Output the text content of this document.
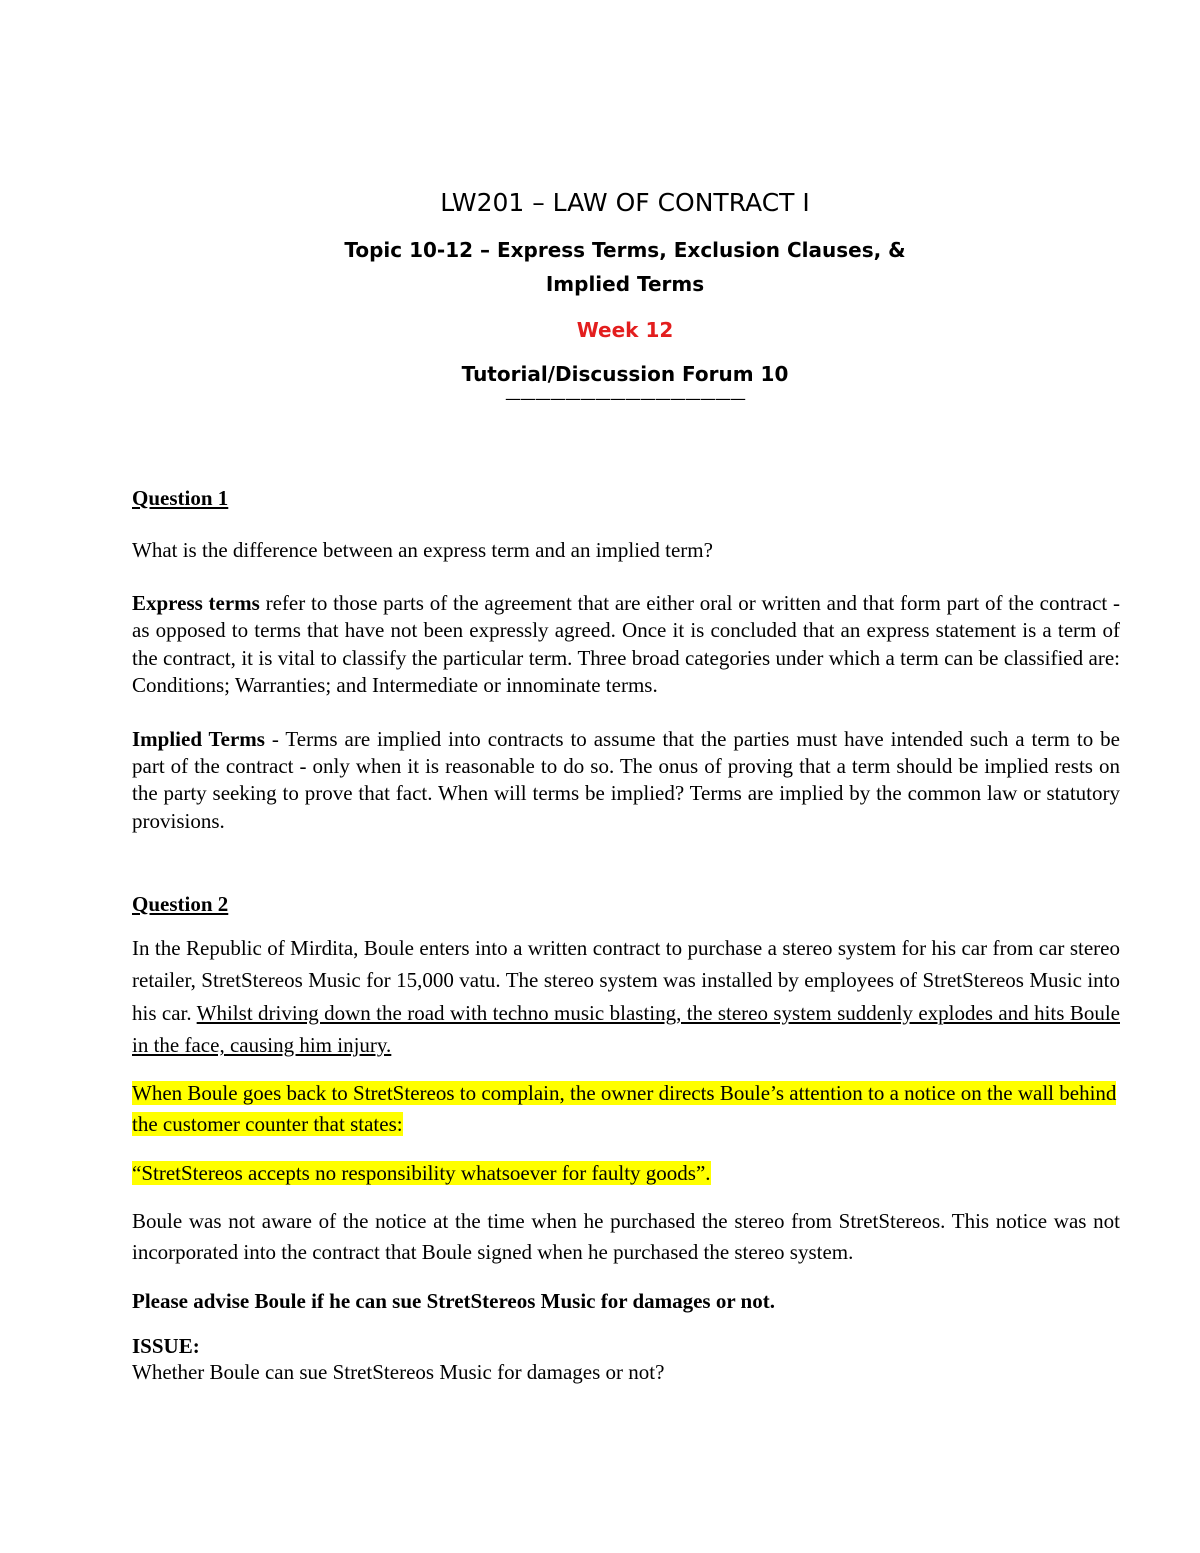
LW201 – LAW OF CONTRACT I

Topic 10-12 – Express Terms, Exclusion Clauses, &
Implied Terms

Week 12

Tutorial/Discussion Forum 10

————————————————

Question 1

What is the difference between an express term and an implied term?

Express terms refer to those parts of the agreement that are either oral or written and that form part of the contract - as opposed to terms that have not been expressly agreed. Once it is concluded that an express statement is a term of the contract, it is vital to classify the particular term. Three broad categories under which a term can be classified are: Conditions; Warranties; and Intermediate or innominate terms.

Implied Terms - Terms are implied into contracts to assume that the parties must have intended such a term to be part of the contract - only when it is reasonable to do so. The onus of proving that a term should be implied rests on the party seeking to prove that fact. When will terms be implied? Terms are implied by the common law or statutory provisions.

Question 2

In the Republic of Mirdita, Boule enters into a written contract to purchase a stereo system for his car from car stereo retailer, StretStereos Music for 15,000 vatu. The stereo system was installed by employees of StretStereos Music into his car. Whilst driving down the road with techno music blasting, the stereo system suddenly explodes and hits Boule in the face, causing him injury.

When Boule goes back to StretStereos to complain, the owner directs Boule’s attention to a notice on the wall behind the customer counter that states:

“StretStereos accepts no responsibility whatsoever for faulty goods”.

Boule was not aware of the notice at the time when he purchased the stereo from StretStereos. This notice was not incorporated into the contract that Boule signed when he purchased the stereo system.

Please advise Boule if he can sue StretStereos Music for damages or not.

ISSUE:

Whether Boule can sue StretStereos Music for damages or not?
